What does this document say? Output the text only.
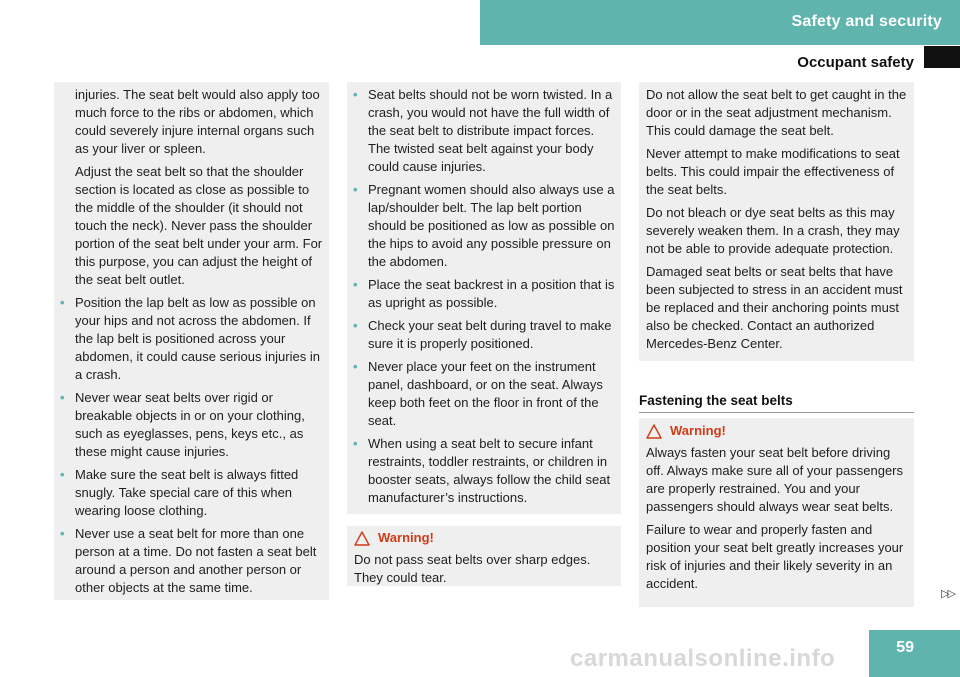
Safety and security
Occupant safety

injuries. The seat belt would also apply too much force to the ribs or abdomen, which could severely injure internal organs such as your liver or spleen.

Adjust the seat belt so that the shoulder section is located as close as possible to the middle of the shoulder (it should not touch the neck). Never pass the shoulder portion of the seat belt under your arm. For this purpose, you can adjust the height of the seat belt outlet.

• Position the lap belt as low as possible on your hips and not across the abdomen. If the lap belt is positioned across your abdomen, it could cause serious injuries in a crash.
• Never wear seat belts over rigid or breakable objects in or on your clothing, such as eyeglasses, pens, keys etc., as these might cause injuries.
• Make sure the seat belt is always fitted snugly. Take special care of this when wearing loose clothing.
• Never use a seat belt for more than one person at a time. Do not fasten a seat belt around a person and another person or other objects at the same time.
• Seat belts should not be worn twisted. In a crash, you would not have the full width of the seat belt to distribute impact forces. The twisted seat belt against your body could cause injuries.
• Pregnant women should also always use a lap/shoulder belt. The lap belt portion should be positioned as low as possible on the hips to avoid any possible pressure on the abdomen.
• Place the seat backrest in a position that is as upright as possible.
• Check your seat belt during travel to make sure it is properly positioned.
• Never place your feet on the instrument panel, dashboard, or on the seat. Always keep both feet on the floor in front of the seat.
• When using a seat belt to secure infant restraints, toddler restraints, or children in booster seats, always follow the child seat manufacturer’s instructions.
Warning!

Do not pass seat belts over sharp edges. They could tear.

Do not allow the seat belt to get caught in the door or in the seat adjustment mechanism. This could damage the seat belt.

Never attempt to make modifications to seat belts. This could impair the effectiveness of the seat belts.

Do not bleach or dye seat belts as this may severely weaken them. In a crash, they may not be able to provide adequate protection.

Damaged seat belts or seat belts that have been subjected to stress in an accident must be replaced and their anchoring points must also be checked. Contact an authorized Mercedes-Benz Center.

Fastening the seat belts
Warning!

Always fasten your seat belt before driving off. Always make sure all of your passengers are properly restrained. You and your passengers should always wear seat belts.

Failure to wear and properly fasten and position your seat belt greatly increases your risk of injuries and their likely severity in an accident.

▷▷
carmanualsonline.info	59
